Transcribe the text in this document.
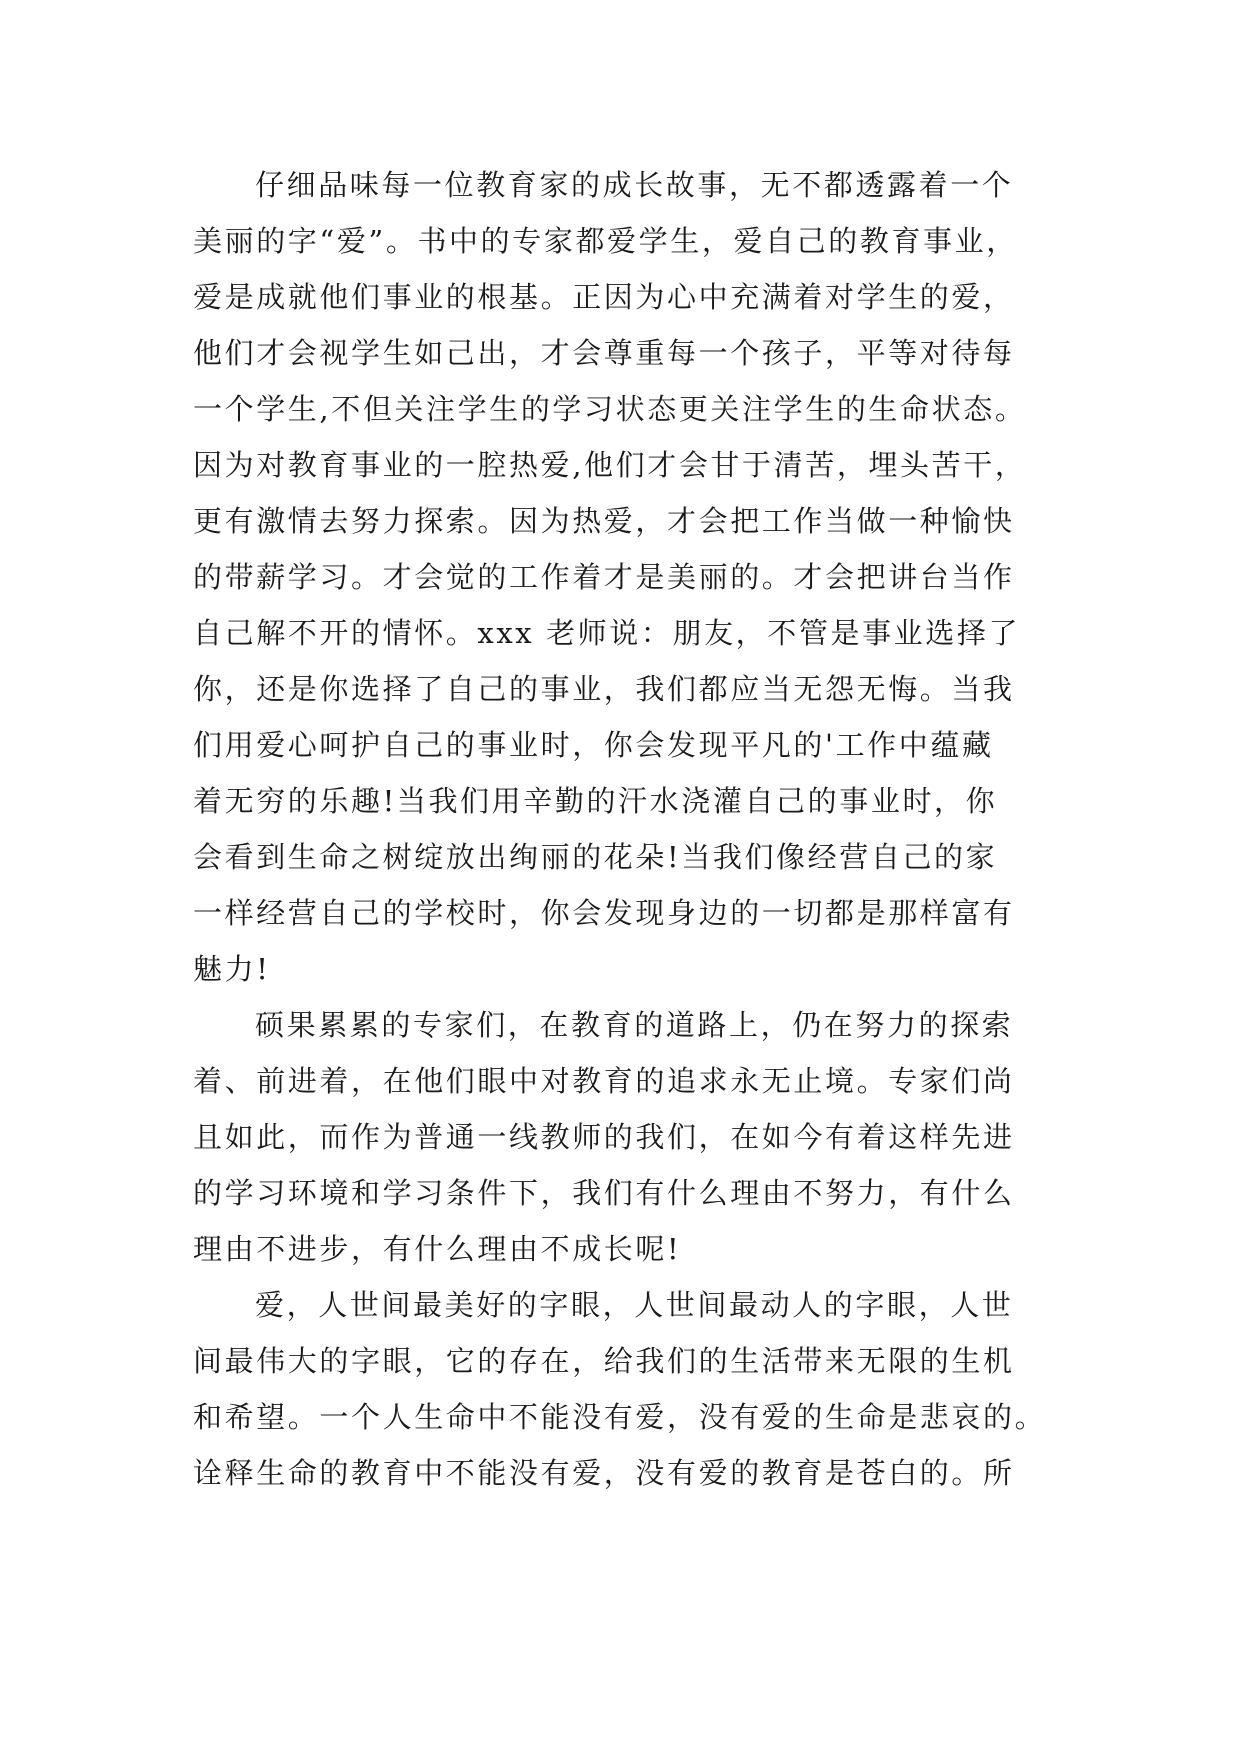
仔细品味每一位教育家的成长故事，无不都透露着一个
美丽的字“爱”。书中的专家都爱学生，爱自己的教育事业，
爱是成就他们事业的根基。正因为心中充满着对学生的爱，
他们才会视学生如己出，才会尊重每一个孩子，平等对待每
一个学生,不但关注学生的学习状态更关注学生的生命状态。
因为对教育事业的一腔热爱,他们才会甘于清苦，埋头苦干，
更有激情去努力探索。因为热爱，才会把工作当做一种愉快
的带薪学习。才会觉的工作着才是美丽的。才会把讲台当作
自己解不开的情怀。xxx 老师说：朋友，不管是事业选择了
你，还是你选择了自己的事业，我们都应当无怨无悔。当我
们用爱心呵护自己的事业时，你会发现平凡的'工作中蕴藏
着无穷的乐趣!当我们用辛勤的汗水浇灌自己的事业时，你
会看到生命之树绽放出绚丽的花朵!当我们像经营自己的家
一样经营自己的学校时，你会发现身边的一切都是那样富有
魅力!
硕果累累的专家们，在教育的道路上，仍在努力的探索
着、前进着，在他们眼中对教育的追求永无止境。专家们尚
且如此，而作为普通一线教师的我们，在如今有着这样先进
的学习环境和学习条件下，我们有什么理由不努力，有什么
理由不进步，有什么理由不成长呢!
爱，人世间最美好的字眼，人世间最动人的字眼，人世
间最伟大的字眼，它的存在，给我们的生活带来无限的生机
和希望。一个人生命中不能没有爱，没有爱的生命是悲哀的。
诠释生命的教育中不能没有爱，没有爱的教育是苍白的。所
